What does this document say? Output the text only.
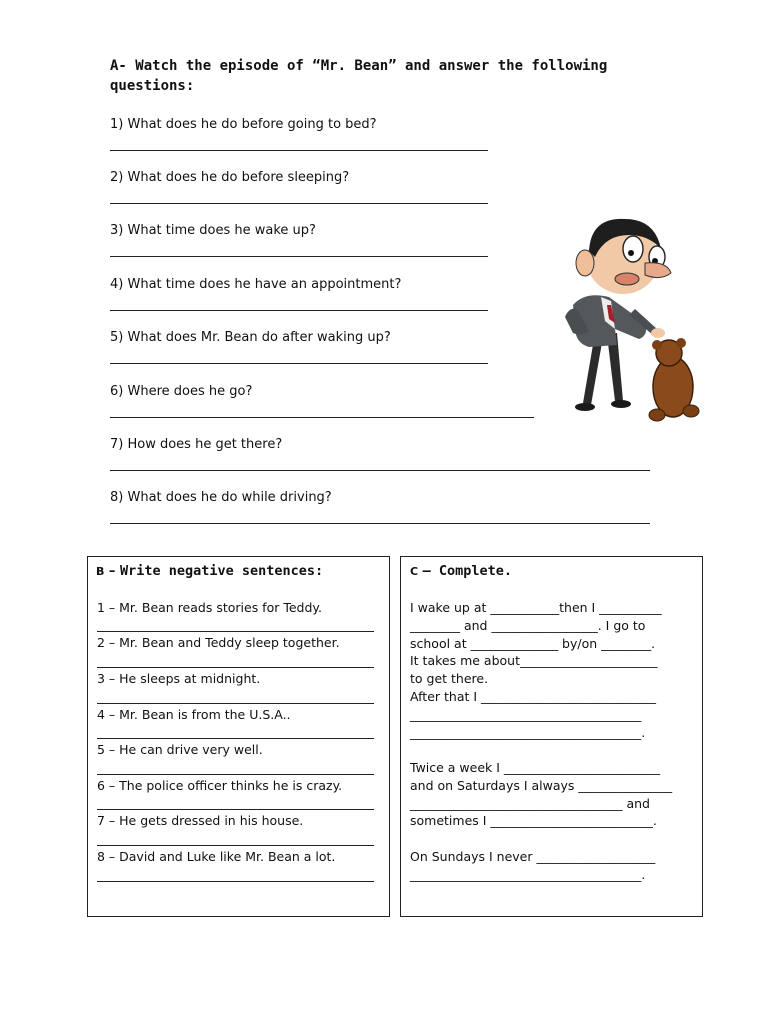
A- Watch the episode of “Mr. Bean” and answer the following questions:
1) What does he do before going to bed?
2) What does he do before sleeping?
3) What time does he wake up?
4) What time does he have an appointment?
5) What does Mr. Bean do after waking up?
6) Where does he go?
7) How does he get there?
8) What does he do while driving?
B – Write negative sentences:
1 – Mr. Bean reads stories for Teddy.
2 – Mr. Bean and Teddy sleep together.
3 – He sleeps at midnight.
4 – Mr. Bean is from the U.S.A..
5 – He can drive very well.
6 – The police officer thinks he is crazy.
7 – He gets dressed in his house.
8 – David and Luke like Mr. Bean a lot.
C – Complete.
I wake up at ___________then I __________
________ and _________________. I go to
school at ______________ by/on ________.
It takes me about______________________
to get there.
After that I ____________________________
_____________________________________
_____________________________________.
Twice a week I _________________________
and on Saturdays I always _______________
__________________________________ and
sometimes I __________________________.
On Sundays I never ___________________
_____________________________________.
